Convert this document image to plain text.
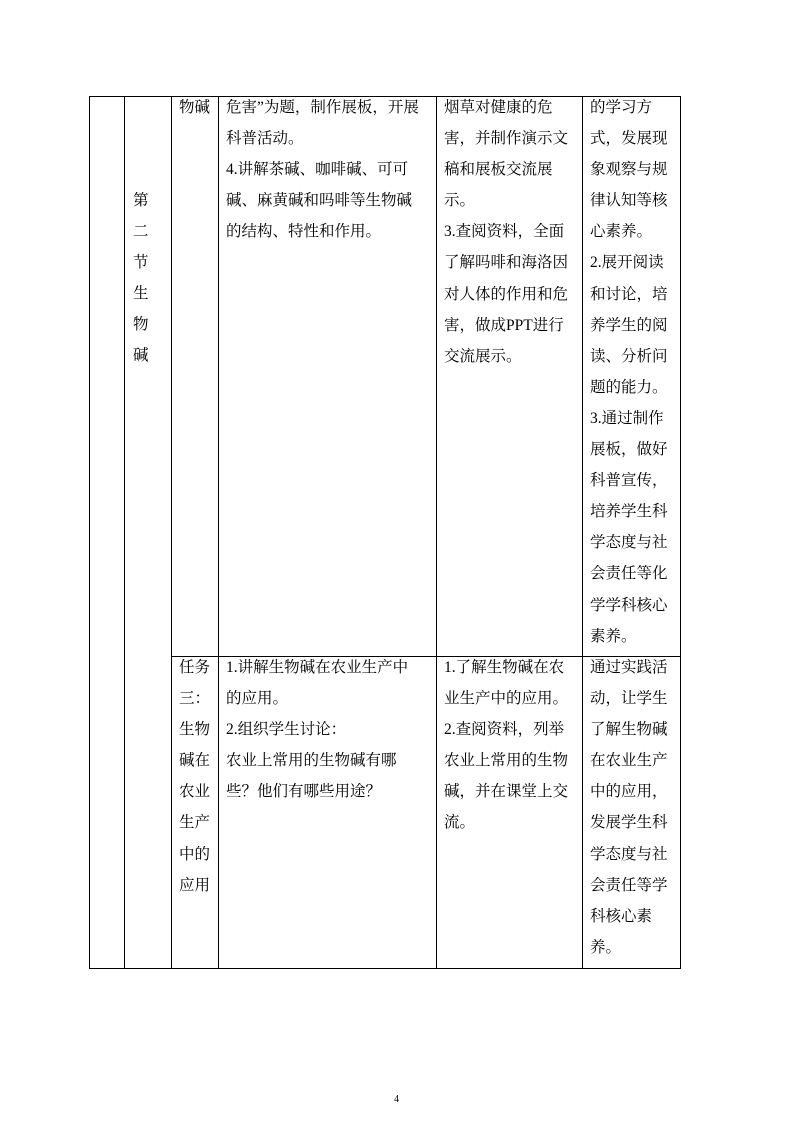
第
二
节
生
物
碱
物碱	危害”为题，制作展板，开展
科普活动。
4.讲解茶碱、咖啡碱、可可
碱、麻黄碱和吗啡等生物碱
的结构、特性和作用。
烟草对健康的危
害，并制作演示文
稿和展板交流展
示。
3.查阅资料，全面
了解吗啡和海洛因
对人体的作用和危
害，做成PPT进行
交流展示。
的学习方
式，发展现
象观察与规
律认知等核
心素养。
2.展开阅读
和讨论，培
养学生的阅
读、分析问
题的能力。
3.通过制作
展板，做好
科普宣传，
培养学生科
学态度与社
会责任等化
学学科核心
素养。
任务
三：
生物
碱在
农业
生产
中的
应用
1.讲解生物碱在农业生产中
的应用。
2.组织学生讨论：
农业上常用的生物碱有哪
些？他们有哪些用途？
1.了解生物碱在农
业生产中的应用。
2.查阅资料，列举
农业上常用的生物
碱，并在课堂上交
流。
通过实践活
动，让学生
了解生物碱
在农业生产
中的应用，
发展学生科
学态度与社
会责任等学
科核心素
养。
4
